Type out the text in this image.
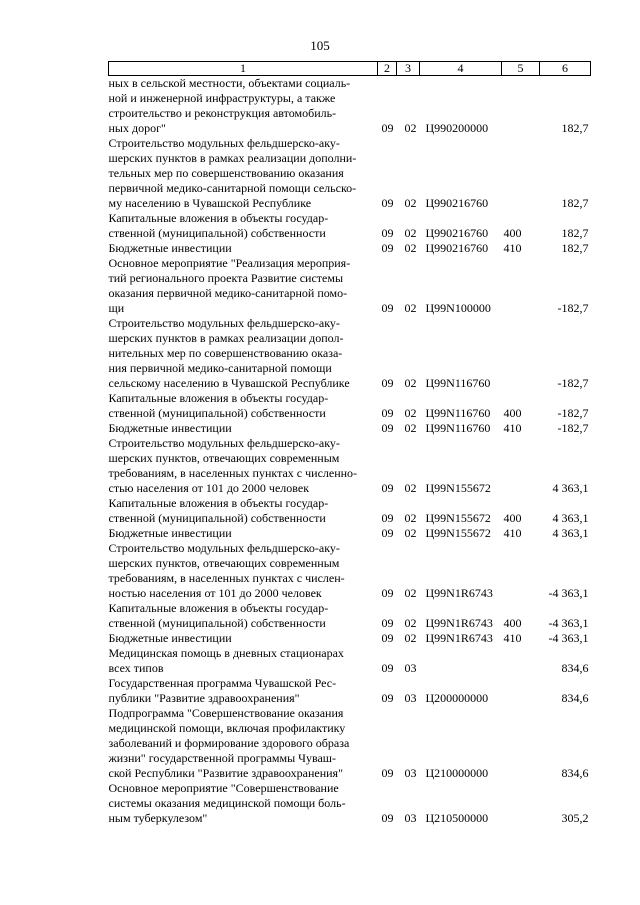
105
1	2	3	4	5	6

ных в сельской местности, объектами социаль-
ной и инженерной инфраструктуры, а также
строительство и реконструкция автомобиль-
ных дорог"	09	02	Ц990200000		182,7

Строительство модульных фельдшерско-аку-
шерских пунктов в рамках реализации дополни-
тельных мер по совершенствованию оказания
первичной медико-санитарной помощи сельско-
му населению в Чувашской Республике	09	02	Ц990216760		182,7

Капитальные вложения в объекты государ-
ственной (муниципальной) собственности	09	02	Ц990216760	400	182,7

Бюджетные инвестиции	09	02	Ц990216760	410	182,7

Основное мероприятие "Реализация мероприя-
тий регионального проекта Развитие системы
оказания первичной медико-санитарной помо-
щи	09	02	Ц99N100000		-182,7

Строительство модульных фельдшерско-аку-
шерских пунктов в рамках реализации допол-
нительных мер по совершенствованию оказа-
ния первичной медико-санитарной помощи
сельскому населению в Чувашской Республике	09	02	Ц99N116760		-182,7

Капитальные вложения в объекты государ-
ственной (муниципальной) собственности	09	02	Ц99N116760	400	-182,7

Бюджетные инвестиции	09	02	Ц99N116760	410	-182,7

Строительство модульных фельдшерско-аку-
шерских пунктов, отвечающих современным
требованиям, в населенных пунктах с численно-
стью населения от 101 до 2000 человек	09	02	Ц99N155672		4 363,1

Капитальные вложения в объекты государ-
ственной (муниципальной) собственности	09	02	Ц99N155672	400	4 363,1

Бюджетные инвестиции	09	02	Ц99N155672	410	4 363,1

Строительство модульных фельдшерско-аку-
шерских пунктов, отвечающих современным
требованиям, в населенных пунктах с числен-
ностью населения от 101 до 2000 человек	09	02	Ц99N1R6743		-4 363,1

Капитальные вложения в объекты государ-
ственной (муниципальной) собственности	09	02	Ц99N1R6743	400	-4 363,1

Бюджетные инвестиции	09	02	Ц99N1R6743	410	-4 363,1

Медицинская помощь в дневных стационарах
всех типов	09	03			834,6

Государственная программа Чувашской Рес-
публики "Развитие здравоохранения"	09	03	Ц200000000		834,6

Подпрограмма "Совершенствование оказания
медицинской помощи, включая профилактику
заболеваний и формирование здорового образа
жизни" государственной программы Чуваш-
ской Республики "Развитие здравоохранения"	09	03	Ц210000000		834,6

Основное мероприятие "Совершенствование
системы оказания медицинской помощи боль-
ным туберкулезом"	09	03	Ц210500000		305,2
